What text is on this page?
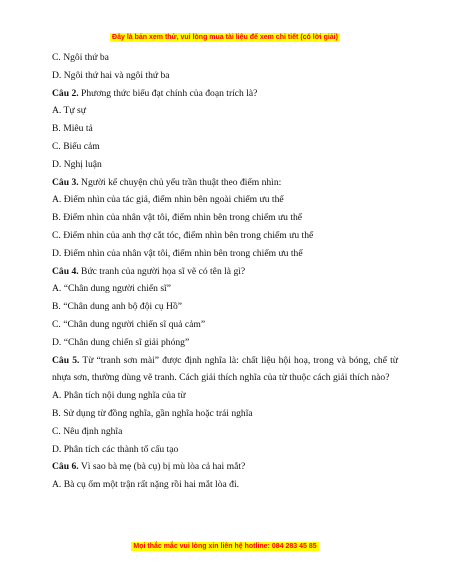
Đây là bản xem thử, vui lòng mua tài liệu để xem chi tiết (có lời giải)
C. Ngôi thứ ba
D. Ngôi thứ hai và ngôi thứ ba
Câu 2. Phương thức biểu đạt chính của đoạn trích là?
A. Tự sự
B. Miêu tả
C. Biểu cảm
D. Nghị luận
Câu 3. Người kể chuyện chủ yếu trần thuật theo điểm nhìn:
A. Điểm nhìn của tác giả, điểm nhìn bên ngoài chiếm ưu thế
B. Điểm nhìn của nhân vật tôi, điểm nhìn bên trong chiếm ưu thế
C. Điểm nhìn của anh thợ cắt tóc, điểm nhìn bên trong chiếm ưu thế
D. Điểm nhìn của nhân vật tôi, điểm nhìn bên trong chiếm ưu thế
Câu 4. Bức tranh của người họa sĩ vẽ có tên là gì?
A. “Chân dung người chiến sĩ”
B. “Chân dung anh bộ đội cụ Hồ”
C. “Chân dung người chiến sĩ quả cảm”
D. “Chân dung chiến sĩ giải phóng”
Câu 5. Từ “tranh sơn mài” được định nghĩa là: chất liệu hội hoạ, trong và bóng, chế từ nhựa sơn, thường dùng vẽ tranh. Cách giải thích nghĩa của từ thuộc cách giải thích nào?
A. Phân tích nội dung nghĩa của từ
B. Sử dụng từ đồng nghĩa, gần nghĩa hoặc trái nghĩa
C. Nêu định nghĩa
D. Phân tích các thành tố cấu tạo
Câu 6. Vì sao bà mẹ (bà cụ) bị mù lòa cả hai mắt?
A. Bà cụ ốm một trận rất nặng rồi hai mắt lòa đi.
Mọi thắc mắc vui lòng xin liên hệ hotline: 084 283 45 85
